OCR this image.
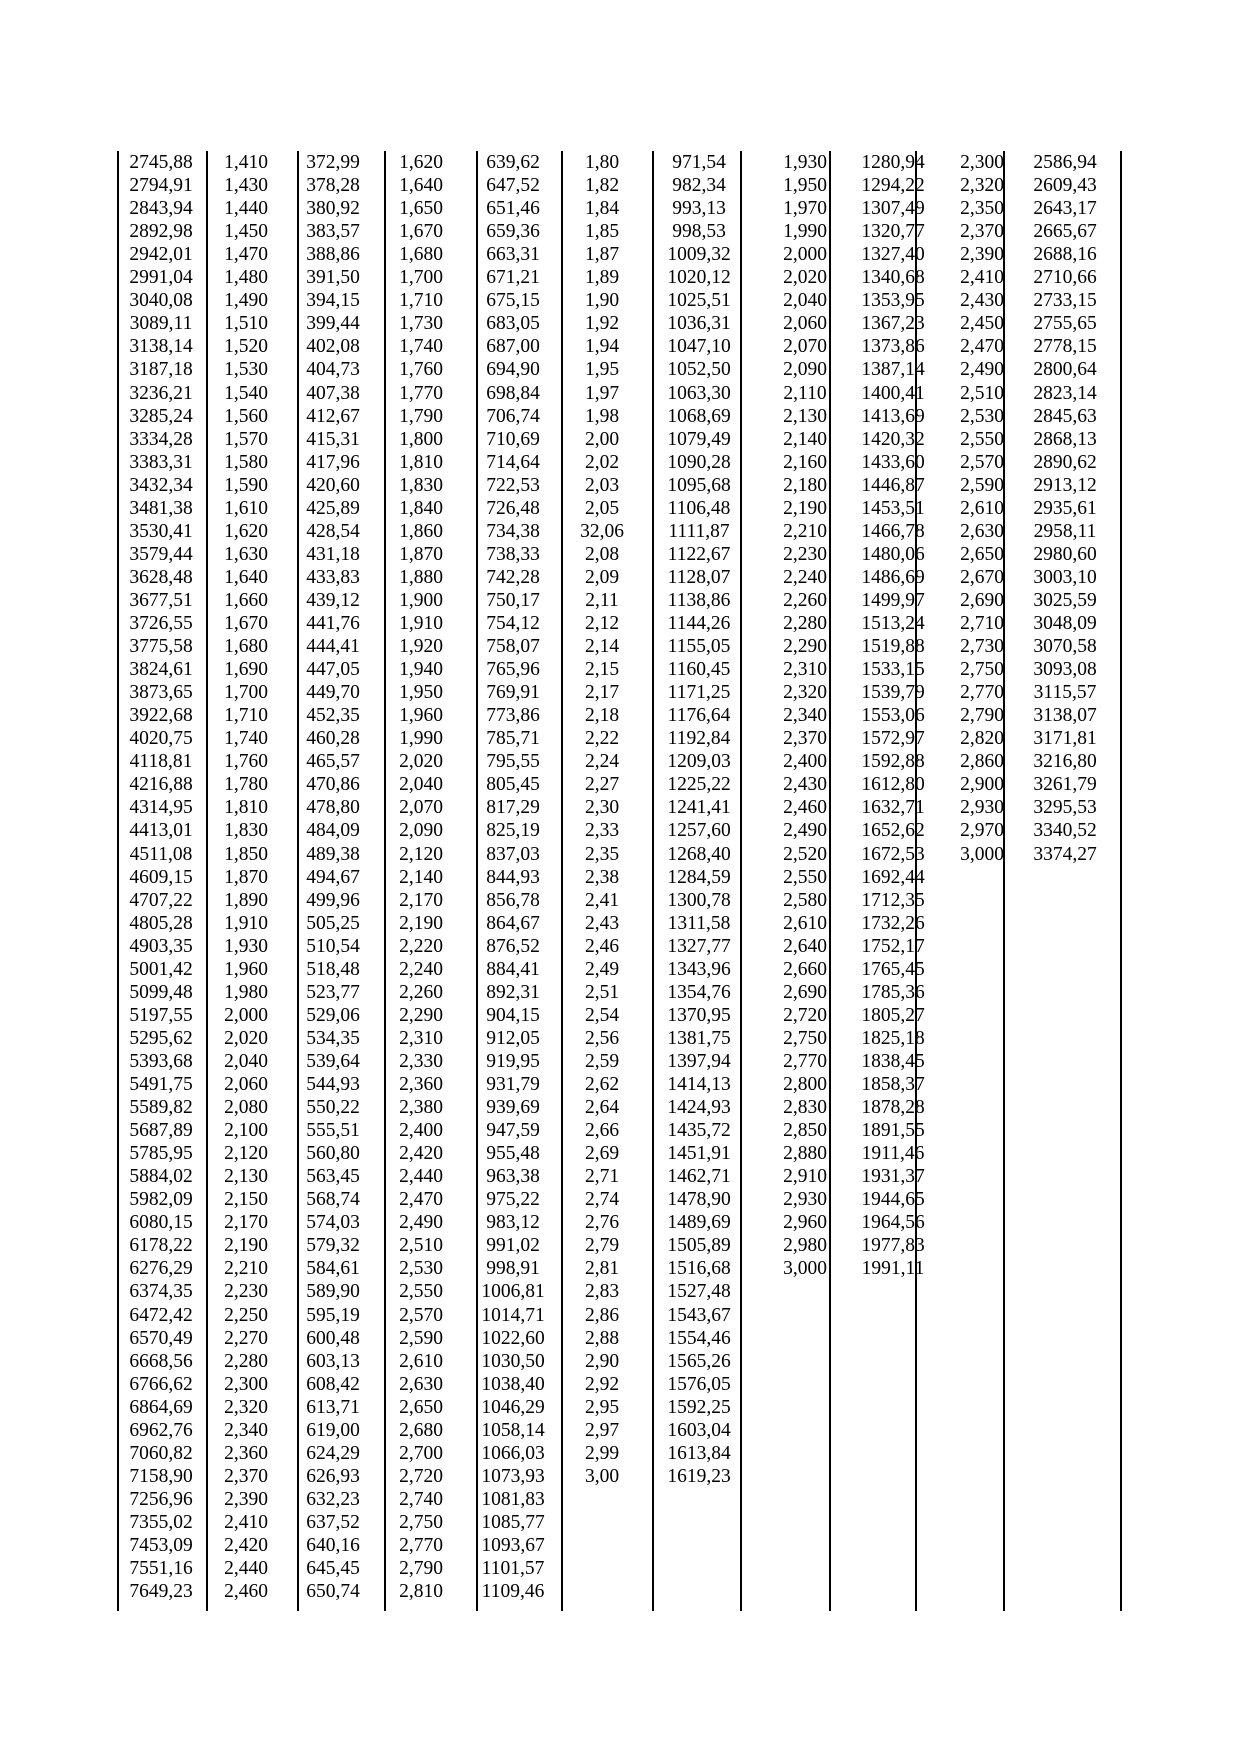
2745,88
2794,91
2843,94
2892,98
2942,01
2991,04
3040,08
3089,11
3138,14
3187,18
3236,21
3285,24
3334,28
3383,31
3432,34
3481,38
3530,41
3579,44
3628,48
3677,51
3726,55
3775,58
3824,61
3873,65
3922,68
4020,75
4118,81
4216,88
4314,95
4413,01
4511,08
4609,15
4707,22
4805,28
4903,35
5001,42
5099,48
5197,55
5295,62
5393,68
5491,75
5589,82
5687,89
5785,95
5884,02
5982,09
6080,15
6178,22
6276,29
6374,35
6472,42
6570,49
6668,56
6766,62
6864,69
6962,76
7060,82
7158,90
7256,96
7355,02
7453,09
7551,16
7649,23
1,410
1,430
1,440
1,450
1,470
1,480
1,490
1,510
1,520
1,530
1,540
1,560
1,570
1,580
1,590
1,610
1,620
1,630
1,640
1,660
1,670
1,680
1,690
1,700
1,710
1,740
1,760
1,780
1,810
1,830
1,850
1,870
1,890
1,910
1,930
1,960
1,980
2,000
2,020
2,040
2,060
2,080
2,100
2,120
2,130
2,150
2,170
2,190
2,210
2,230
2,250
2,270
2,280
2,300
2,320
2,340
2,360
2,370
2,390
2,410
2,420
2,440
2,460
372,99
378,28
380,92
383,57
388,86
391,50
394,15
399,44
402,08
404,73
407,38
412,67
415,31
417,96
420,60
425,89
428,54
431,18
433,83
439,12
441,76
444,41
447,05
449,70
452,35
460,28
465,57
470,86
478,80
484,09
489,38
494,67
499,96
505,25
510,54
518,48
523,77
529,06
534,35
539,64
544,93
550,22
555,51
560,80
563,45
568,74
574,03
579,32
584,61
589,90
595,19
600,48
603,13
608,42
613,71
619,00
624,29
626,93
632,23
637,52
640,16
645,45
650,74
1,620
1,640
1,650
1,670
1,680
1,700
1,710
1,730
1,740
1,760
1,770
1,790
1,800
1,810
1,830
1,840
1,860
1,870
1,880
1,900
1,910
1,920
1,940
1,950
1,960
1,990
2,020
2,040
2,070
2,090
2,120
2,140
2,170
2,190
2,220
2,240
2,260
2,290
2,310
2,330
2,360
2,380
2,400
2,420
2,440
2,470
2,490
2,510
2,530
2,550
2,570
2,590
2,610
2,630
2,650
2,680
2,700
2,720
2,740
2,750
2,770
2,790
2,810
639,62
647,52
651,46
659,36
663,31
671,21
675,15
683,05
687,00
694,90
698,84
706,74
710,69
714,64
722,53
726,48
734,38
738,33
742,28
750,17
754,12
758,07
765,96
769,91
773,86
785,71
795,55
805,45
817,29
825,19
837,03
844,93
856,78
864,67
876,52
884,41
892,31
904,15
912,05
919,95
931,79
939,69
947,59
955,48
963,38
975,22
983,12
991,02
998,91
1006,81
1014,71
1022,60
1030,50
1038,40
1046,29
1058,14
1066,03
1073,93
1081,83
1085,77
1093,67
1101,57
1109,46
1,80
1,82
1,84
1,85
1,87
1,89
1,90
1,92
1,94
1,95
1,97
1,98
2,00
2,02
2,03
2,05
32,06
2,08
2,09
2,11
2,12
2,14
2,15
2,17
2,18
2,22
2,24
2,27
2,30
2,33
2,35
2,38
2,41
2,43
2,46
2,49
2,51
2,54
2,56
2,59
2,62
2,64
2,66
2,69
2,71
2,74
2,76
2,79
2,81
2,83
2,86
2,88
2,90
2,92
2,95
2,97
2,99
3,00
971,54
982,34
993,13
998,53
1009,32
1020,12
1025,51
1036,31
1047,10
1052,50
1063,30
1068,69
1079,49
1090,28
1095,68
1106,48
1111,87
1122,67
1128,07
1138,86
1144,26
1155,05
1160,45
1171,25
1176,64
1192,84
1209,03
1225,22
1241,41
1257,60
1268,40
1284,59
1300,78
1311,58
1327,77
1343,96
1354,76
1370,95
1381,75
1397,94
1414,13
1424,93
1435,72
1451,91
1462,71
1478,90
1489,69
1505,89
1516,68
1527,48
1543,67
1554,46
1565,26
1576,05
1592,25
1603,04
1613,84
1619,23
1,930
1,950
1,970
1,990
2,000
2,020
2,040
2,060
2,070
2,090
2,110
2,130
2,140
2,160
2,180
2,190
2,210
2,230
2,240
2,260
2,280
2,290
2,310
2,320
2,340
2,370
2,400
2,430
2,460
2,490
2,520
2,550
2,580
2,610
2,640
2,660
2,690
2,720
2,750
2,770
2,800
2,830
2,850
2,880
2,910
2,930
2,960
2,980
3,000
1280,94
1294,22
1307,49
1320,77
1327,40
1340,68
1353,95
1367,23
1373,86
1387,14
1400,41
1413,69
1420,32
1433,60
1446,87
1453,51
1466,78
1480,06
1486,69
1499,97
1513,24
1519,88
1533,15
1539,79
1553,06
1572,97
1592,88
1612,80
1632,71
1652,62
1672,53
1692,44
1712,35
1732,26
1752,17
1765,45
1785,36
1805,27
1825,18
1838,45
1858,37
1878,28
1891,55
1911,46
1931,37
1944,65
1964,56
1977,83
1991,11
2,300
2,320
2,350
2,370
2,390
2,410
2,430
2,450
2,470
2,490
2,510
2,530
2,550
2,570
2,590
2,610
2,630
2,650
2,670
2,690
2,710
2,730
2,750
2,770
2,790
2,820
2,860
2,900
2,930
2,970
3,000
2586,94
2609,43
2643,17
2665,67
2688,16
2710,66
2733,15
2755,65
2778,15
2800,64
2823,14
2845,63
2868,13
2890,62
2913,12
2935,61
2958,11
2980,60
3003,10
3025,59
3048,09
3070,58
3093,08
3115,57
3138,07
3171,81
3216,80
3261,79
3295,53
3340,52
3374,27
